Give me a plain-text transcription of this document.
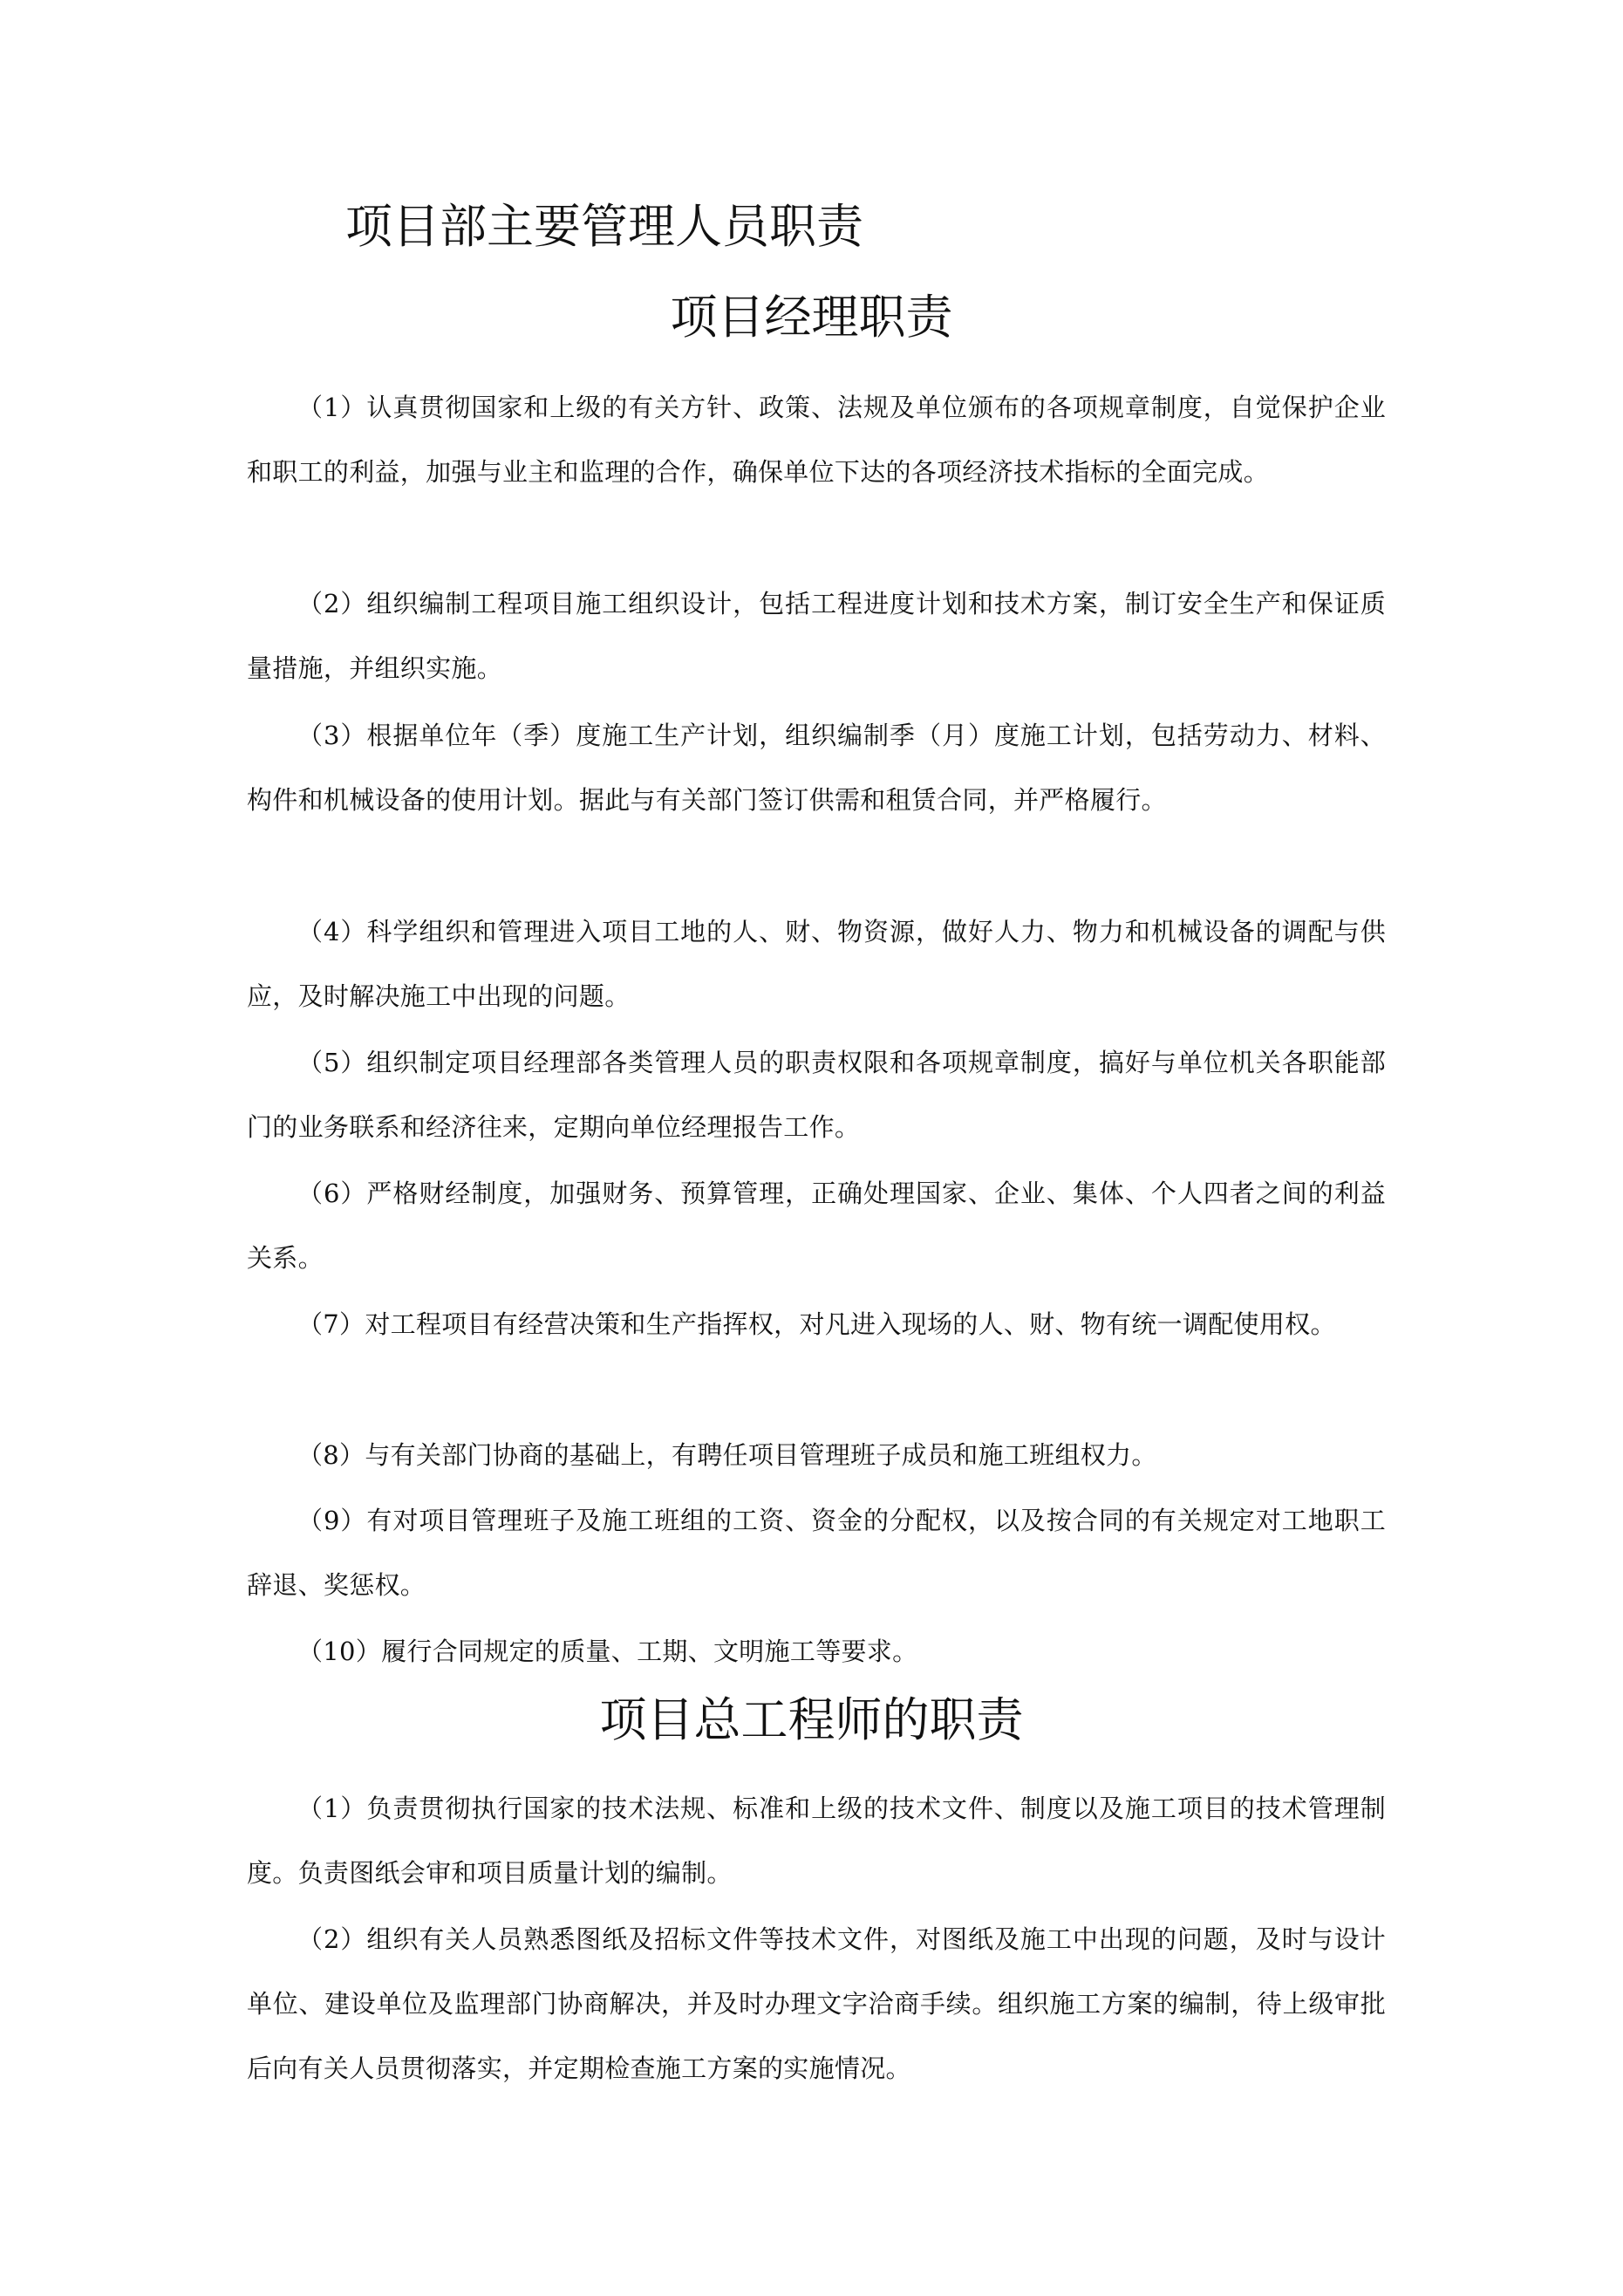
项目部主要管理人员职责
项目经理职责

（1）认真贯彻国家和上级的有关方针、政策、法规及单位颁布的各项规章制度，自觉保护企业和职工的利益，加强与业主和监理的合作，确保单位下达的各项经济技术指标的全面完成。

（2）组织编制工程项目施工组织设计，包括工程进度计划和技术方案，制订安全生产和保证质量措施，并组织实施。

（3）根据单位年（季）度施工生产计划，组织编制季（月）度施工计划，包括劳动力、材料、构件和机械设备的使用计划。据此与有关部门签订供需和租赁合同，并严格履行。

（4）科学组织和管理进入项目工地的人、财、物资源，做好人力、物力和机械设备的调配与供应，及时解决施工中出现的问题。

（5）组织制定项目经理部各类管理人员的职责权限和各项规章制度，搞好与单位机关各职能部门的业务联系和经济往来，定期向单位经理报告工作。

（6）严格财经制度，加强财务、预算管理，正确处理国家、企业、集体、个人四者之间的利益关系。

（7）对工程项目有经营决策和生产指挥权，对凡进入现场的人、财、物有统一调配使用权。

（8）与有关部门协商的基础上，有聘任项目管理班子成员和施工班组权力。

（9）有对项目管理班子及施工班组的工资、资金的分配权，以及按合同的有关规定对工地职工辞退、奖惩权。

（10）履行合同规定的质量、工期、文明施工等要求。

项目总工程师的职责

（1）负责贯彻执行国家的技术法规、标准和上级的技术文件、制度以及施工项目的技术管理制度。负责图纸会审和项目质量计划的编制。

（2）组织有关人员熟悉图纸及招标文件等技术文件，对图纸及施工中出现的问题，及时与设计单位、建设单位及监理部门协商解决，并及时办理文字洽商手续。组织施工方案的编制，待上级审批后向有关人员贯彻落实，并定期检查施工方案的实施情况。
